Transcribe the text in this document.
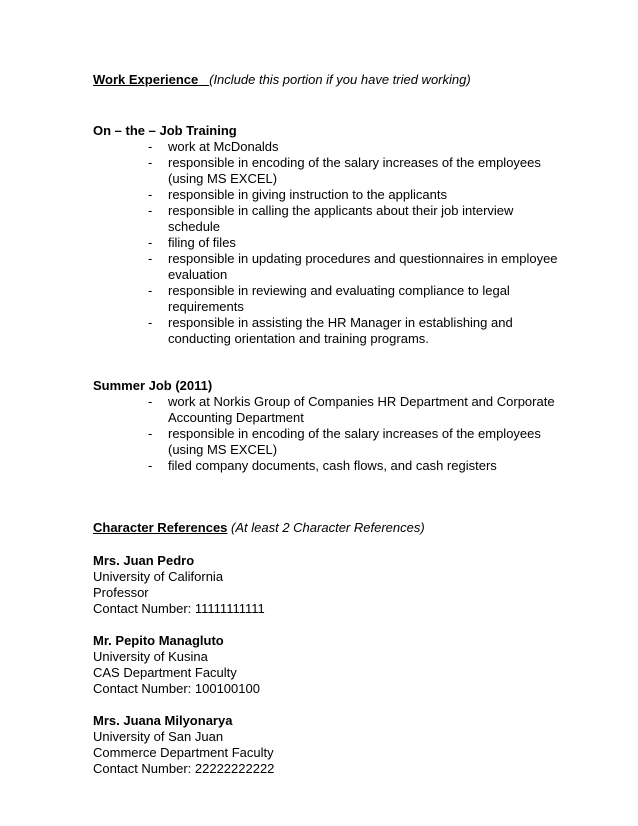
Work Experience (Include this portion if you have tried working)
On – the – Job Training
- work at McDonalds
- responsible in encoding of the salary increases of the employees (using MS EXCEL)
- responsible in giving instruction to the applicants
- responsible in calling the applicants about their job interview schedule
- filing of files
- responsible in updating procedures and questionnaires in employee evaluation
- responsible in reviewing and evaluating compliance to legal requirements
- responsible in assisting the HR Manager in establishing and conducting orientation and training programs.
Summer Job (2011)
- work at Norkis Group of Companies HR Department and Corporate Accounting Department
- responsible in encoding of the salary increases of the employees (using MS EXCEL)
- filed company documents, cash flows, and cash registers
Character References (At least 2 Character References)
Mrs. Juan Pedro
University of California
Professor
Contact Number: 11111111111
Mr. Pepito Managluto
University of Kusina
CAS Department Faculty
Contact Number: 100100100
Mrs. Juana Milyonarya
University of San Juan
Commerce Department Faculty
Contact Number: 22222222222
